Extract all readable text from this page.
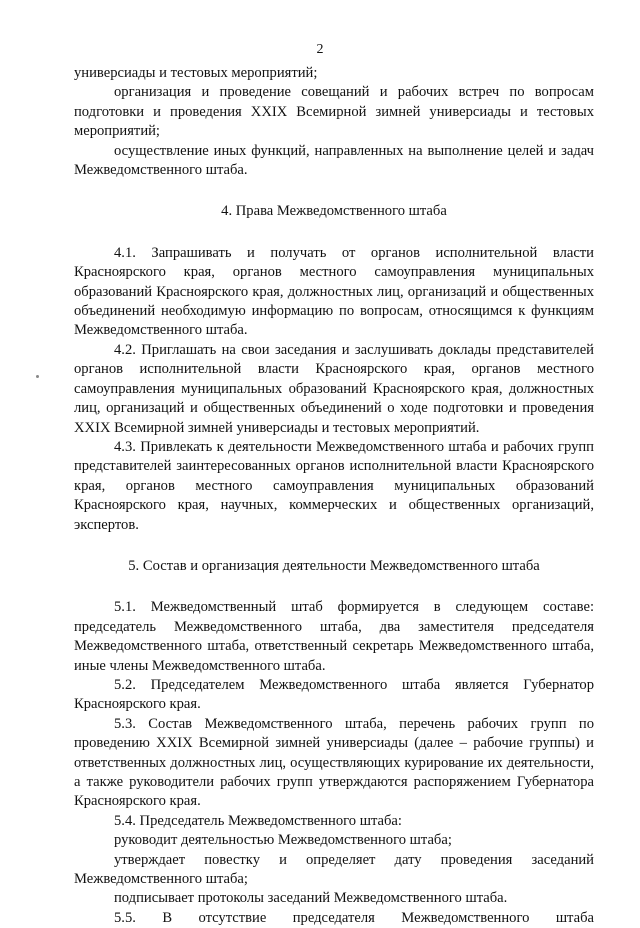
2

универсиады и тестовых мероприятий;

организация и проведение совещаний и рабочих встреч по вопросам подготовки и проведения XXIX Всемирной зимней универсиады и тестовых мероприятий;

осуществление иных функций, направленных на выполнение целей и задач Межведомственного штаба.

4. Права Межведомственного штаба

4.1. Запрашивать и получать от органов исполнительной власти Красноярского края, органов местного самоуправления муниципальных образований Красноярского края, должностных лиц, организаций и общественных объединений необходимую информацию по вопросам, относящимся к функциям Межведомственного штаба.

4.2. Приглашать на свои заседания и заслушивать доклады представителей органов исполнительной власти Красноярского края, органов местного самоуправления муниципальных образований Красноярского края, должностных лиц, организаций и общественных объединений о ходе подготовки и проведения XXIX Всемирной зимней универсиады и тестовых мероприятий.

4.3. Привлекать к деятельности Межведомственного штаба и рабочих групп представителей заинтересованных органов исполнительной власти Красноярского края, органов местного самоуправления муниципальных образований Красноярского края, научных, коммерческих и общественных организаций, экспертов.

5. Состав и организация деятельности Межведомственного штаба

5.1. Межведомственный штаб формируется в следующем составе: председатель Межведомственного штаба, два заместителя председателя Межведомственного штаба, ответственный секретарь Межведомственного штаба, иные члены Межведомственного штаба.

5.2. Председателем Межведомственного штаба является Губернатор Красноярского края.

5.3. Состав Межведомственного штаба, перечень рабочих групп по проведению XXIX Всемирной зимней универсиады (далее – рабочие группы) и ответственных должностных лиц, осуществляющих курирование их деятельности, а также руководители рабочих групп утверждаются распоряжением Губернатора Красноярского края.

5.4. Председатель Межведомственного штаба:

руководит деятельностью Межведомственного штаба;

утверждает повестку и определяет дату проведения заседаний Межведомственного штаба;

подписывает протоколы заседаний Межведомственного штаба.

5.5. В отсутствие председателя Межведомственного штаба
